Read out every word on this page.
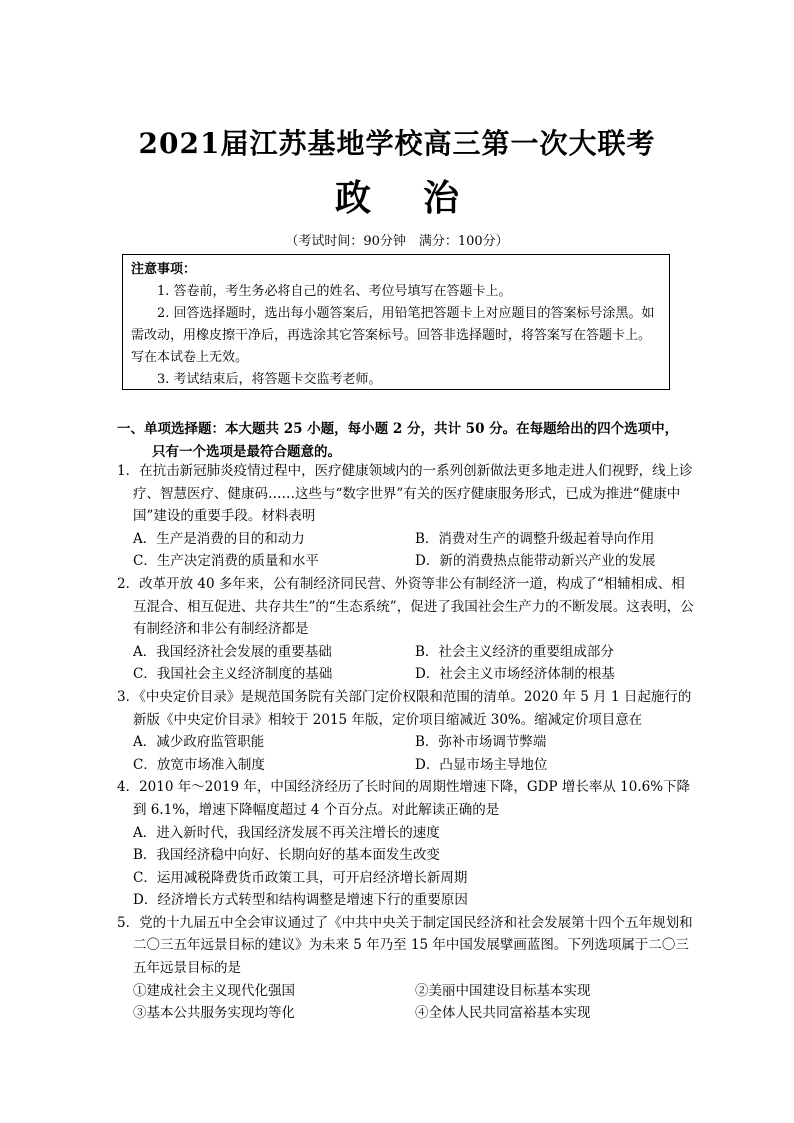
2021届江苏基地学校高三第一次大联考
政治
（考试时间：90分钟　满分：100分）
注意事项：
1. 答卷前，考生务必将自己的姓名、考位号填写在答题卡上。
2. 回答选择题时，选出每小题答案后，用铅笔把答题卡上对应题目的答案标号涂黑。如需改动，用橡皮擦干净后，再选涂其它答案标号。回答非选择题时，将答案写在答题卡上。写在本试卷上无效。
3. 考试结束后，将答题卡交监考老师。
一、单项选择题：本大题共 25 小题，每小题 2 分，共计 50 分。在每题给出的四个选项中，
只有一个选项是最符合题意的。
1．在抗击新冠肺炎疫情过程中，医疗健康领域内的一系列创新做法更多地走进人们视野，线上诊疗、智慧医疗、健康码……这些与“数字世界”有关的医疗健康服务形式，已成为推进“健康中国”建设的重要手段。材料表明
A．生产是消费的目的和动力	B．消费对生产的调整升级起着导向作用
C．生产决定消费的质量和水平	D．新的消费热点能带动新兴产业的发展
2．改革开放 40 多年来，公有制经济同民营、外资等非公有制经济一道，构成了“相辅相成、相互混合、相互促进、共存共生”的“生态系统”，促进了我国社会生产力的不断发展。这表明，公有制经济和非公有制经济都是
A．我国经济社会发展的重要基础	B．社会主义经济的重要组成部分
C．我国社会主义经济制度的基础	D．社会主义市场经济体制的根基
3．《中央定价目录》是规范国务院有关部门定价权限和范围的清单。2020 年 5 月 1 日起施行的新版《中央定价目录》相较于 2015 年版，定价项目缩减近 30%。缩减定价项目意在
A．减少政府监管职能	B．弥补市场调节弊端
C．放宽市场准入制度	D．凸显市场主导地位
4．2010 年～2019 年，中国经济经历了长时间的周期性增速下降，GDP 增长率从 10.6%下降到 6.1%，增速下降幅度超过 4 个百分点。对此解读正确的是
A．进入新时代，我国经济发展不再关注增长的速度
B．我国经济稳中向好、长期向好的基本面发生改变
C．运用减税降费货币政策工具，可开启经济增长新周期
D．经济增长方式转型和结构调整是增速下行的重要原因
5．党的十九届五中全会审议通过了《中共中央关于制定国民经济和社会发展第十四个五年规划和二〇三五年远景目标的建议》为未来 5 年乃至 15 年中国发展擘画蓝图。下列选项属于二〇三五年远景目标的是
①建成社会主义现代化强国	②美丽中国建设目标基本实现
③基本公共服务实现均等化	④全体人民共同富裕基本实现
